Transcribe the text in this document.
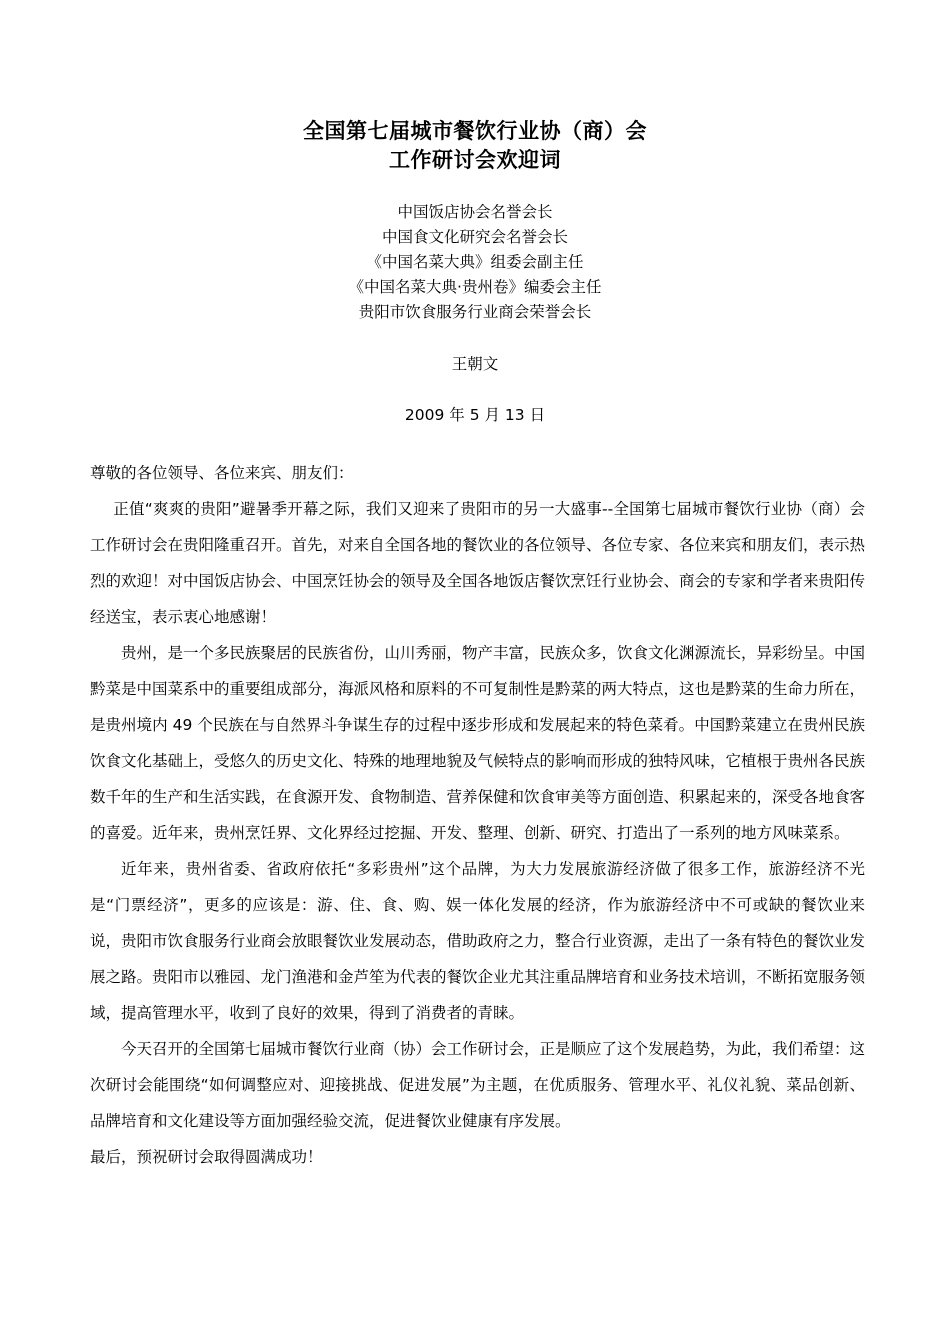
全国第七届城市餐饮行业协（商）会
工作研讨会欢迎词
中国饭店协会名誉会长
中国食文化研究会名誉会长
《中国名菜大典》组委会副主任
《中国名菜大典·贵州卷》编委会主任
贵阳市饮食服务行业商会荣誉会长
王朝文
2009 年 5 月 13 日

尊敬的各位领导、各位来宾、朋友们：

正值“爽爽的贵阳”避暑季开幕之际，我们又迎来了贵阳市的另一大盛事--全国第七届城市餐饮行业协（商）会工作研讨会在贵阳隆重召开。首先，对来自全国各地的餐饮业的各位领导、各位专家、各位来宾和朋友们，表示热烈的欢迎！对中国饭店协会、中国烹饪协会的领导及全国各地饭店餐饮烹饪行业协会、商会的专家和学者来贵阳传经送宝，表示衷心地感谢！

贵州，是一个多民族聚居的民族省份，山川秀丽，物产丰富，民族众多，饮食文化渊源流长，异彩纷呈。中国黔菜是中国菜系中的重要组成部分，海派风格和原料的不可复制性是黔菜的两大特点，这也是黔菜的生命力所在，是贵州境内 49 个民族在与自然界斗争谋生存的过程中逐步形成和发展起来的特色菜肴。中国黔菜建立在贵州民族饮食文化基础上，受悠久的历史文化、特殊的地理地貌及气候特点的影响而形成的独特风味，它植根于贵州各民族数千年的生产和生活实践，在食源开发、食物制造、营养保健和饮食审美等方面创造、积累起来的，深受各地食客的喜爱。近年来，贵州烹饪界、文化界经过挖掘、开发、整理、创新、研究、打造出了一系列的地方风味菜系。

近年来，贵州省委、省政府依托“多彩贵州”这个品牌，为大力发展旅游经济做了很多工作，旅游经济不光是“门票经济”，更多的应该是：游、住、食、购、娱一体化发展的经济，作为旅游经济中不可或缺的餐饮业来说，贵阳市饮食服务行业商会放眼餐饮业发展动态，借助政府之力，整合行业资源，走出了一条有特色的餐饮业发展之路。贵阳市以雅园、龙门渔港和金芦笙为代表的餐饮企业尤其注重品牌培育和业务技术培训，不断拓宽服务领域，提高管理水平，收到了良好的效果，得到了消费者的青睐。

今天召开的全国第七届城市餐饮行业商（协）会工作研讨会，正是顺应了这个发展趋势，为此，我们希望：这次研讨会能围绕“如何调整应对、迎接挑战、促进发展”为主题，在优质服务、管理水平、礼仪礼貌、菜品创新、品牌培育和文化建设等方面加强经验交流，促进餐饮业健康有序发展。

最后，预祝研讨会取得圆满成功！
